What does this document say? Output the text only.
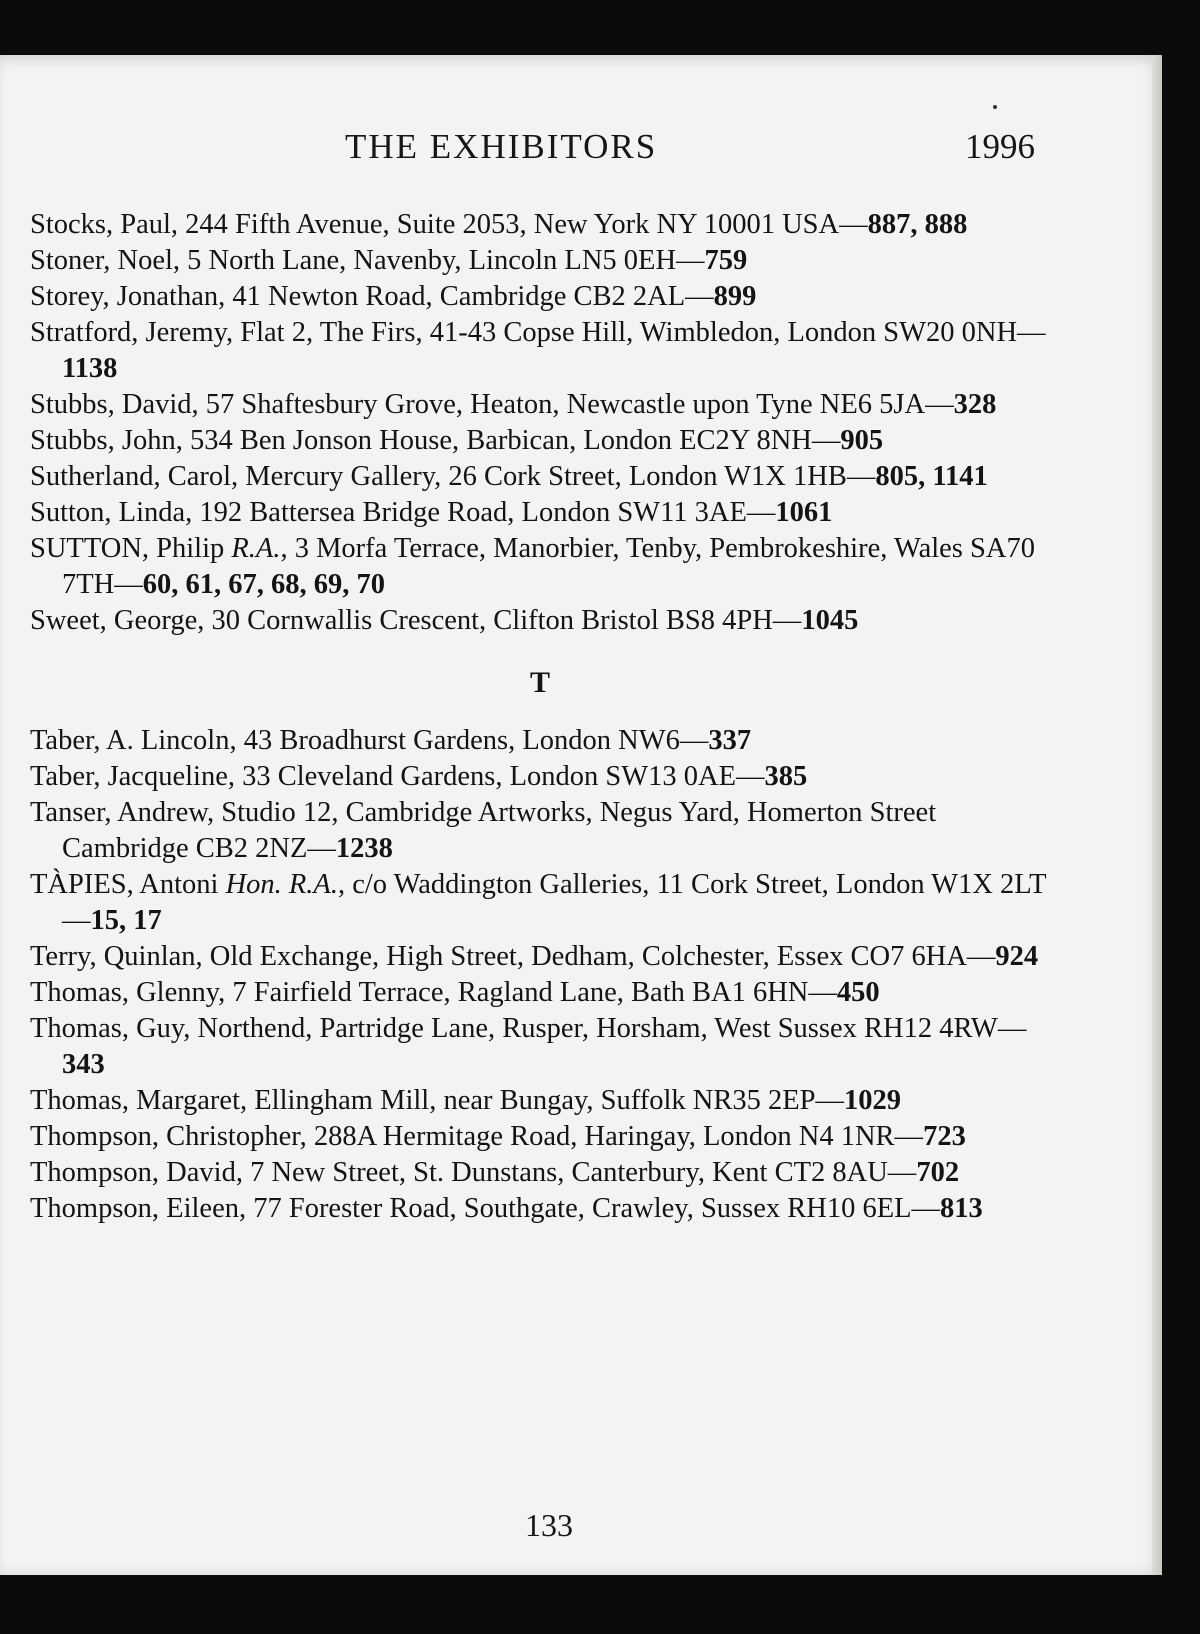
THE EXHIBITORS	1996

Stocks, Paul, 244 Fifth Avenue, Suite 2053, New York NY 10001 USA—887, 888

Stoner, Noel, 5 North Lane, Navenby, Lincoln LN5 0EH—759

Storey, Jonathan, 41 Newton Road, Cambridge CB2 2AL—899

Stratford, Jeremy, Flat 2, The Firs, 41-43 Copse Hill, Wimbledon, London SW20 0NH—1138

Stubbs, David, 57 Shaftesbury Grove, Heaton, Newcastle upon Tyne NE6 5JA—328

Stubbs, John, 534 Ben Jonson House, Barbican, London EC2Y 8NH—905

Sutherland, Carol, Mercury Gallery, 26 Cork Street, London W1X 1HB—805, 1141

Sutton, Linda, 192 Battersea Bridge Road, London SW11 3AE—1061

SUTTON, Philip R.A., 3 Morfa Terrace, Manorbier, Tenby, Pembrokeshire, Wales SA70 7TH—60, 61, 67, 68, 69, 70

Sweet, George, 30 Cornwallis Crescent, Clifton Bristol BS8 4PH—1045

T

Taber, A. Lincoln, 43 Broadhurst Gardens, London NW6—337

Taber, Jacqueline, 33 Cleveland Gardens, London SW13 0AE—385

Tanser, Andrew, Studio 12, Cambridge Artworks, Negus Yard, Homerton Street Cambridge CB2 2NZ—1238

TÀPIES, Antoni Hon. R.A., c/o Waddington Galleries, 11 Cork Street, London W1X 2LT—15, 17

Terry, Quinlan, Old Exchange, High Street, Dedham, Colchester, Essex CO7 6HA—924

Thomas, Glenny, 7 Fairfield Terrace, Ragland Lane, Bath BA1 6HN—450

Thomas, Guy, Northend, Partridge Lane, Rusper, Horsham, West Sussex RH12 4RW—343

Thomas, Margaret, Ellingham Mill, near Bungay, Suffolk NR35 2EP—1029

Thompson, Christopher, 288A Hermitage Road, Haringay, London N4 1NR—723

Thompson, David, 7 New Street, St. Dunstans, Canterbury, Kent CT2 8AU—702

Thompson, Eileen, 77 Forester Road, Southgate, Crawley, Sussex RH10 6EL—813

133
